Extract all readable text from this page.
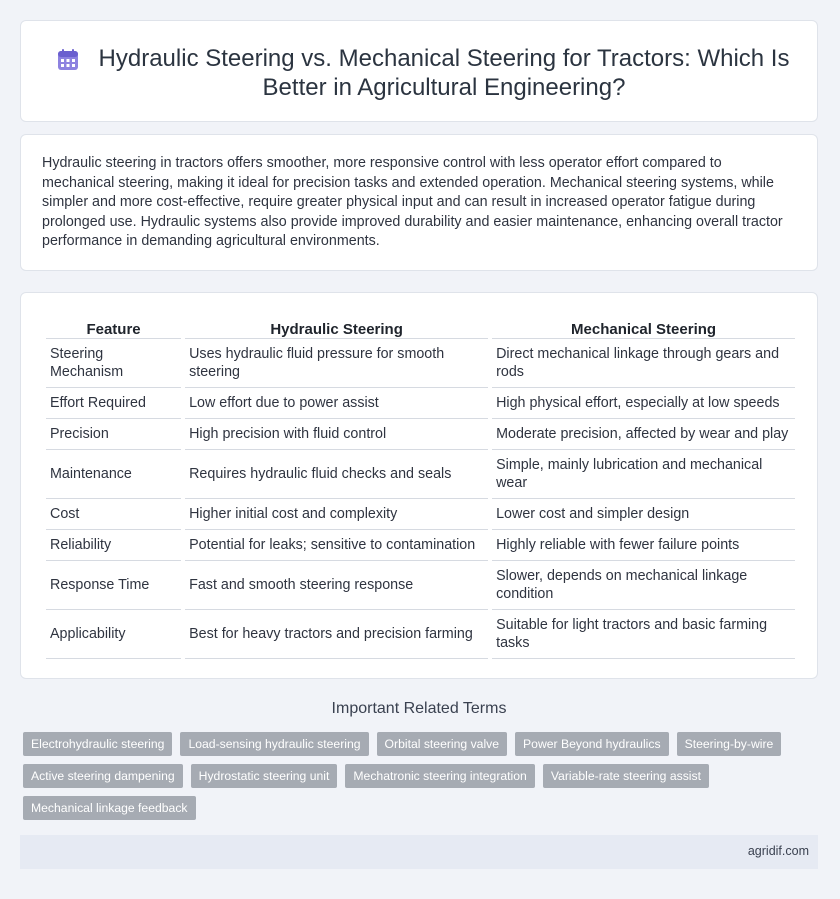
Hydraulic Steering vs. Mechanical Steering for Tractors: Which Is Better in Agricultural Engineering?

Hydraulic steering in tractors offers smoother, more responsive control with less operator effort compared to mechanical steering, making it ideal for precision tasks and extended operation. Mechanical steering systems, while simpler and more cost-effective, require greater physical input and can result in increased operator fatigue during prolonged use. Hydraulic systems also provide improved durability and easier maintenance, enhancing overall tractor performance in demanding agricultural environments.

Feature	Hydraulic Steering	Mechanical Steering
Steering Mechanism	Uses hydraulic fluid pressure for smooth steering	Direct mechanical linkage through gears and rods
Effort Required	Low effort due to power assist	High physical effort, especially at low speeds
Precision	High precision with fluid control	Moderate precision, affected by wear and play
Maintenance	Requires hydraulic fluid checks and seals	Simple, mainly lubrication and mechanical wear
Cost	Higher initial cost and complexity	Lower cost and simpler design
Reliability	Potential for leaks; sensitive to contamination	Highly reliable with fewer failure points
Response Time	Fast and smooth steering response	Slower, depends on mechanical linkage condition
Applicability	Best for heavy tractors and precision farming	Suitable for light tractors and basic farming tasks
Important Related Terms
Electrohydraulic steering	Load-sensing hydraulic steering	Orbital steering valve	Power Beyond hydraulics	Steering-by-wire
Active steering dampening	Hydrostatic steering unit	Mechatronic steering integration	Variable-rate steering assist
Mechanical linkage feedback
agridif.com
